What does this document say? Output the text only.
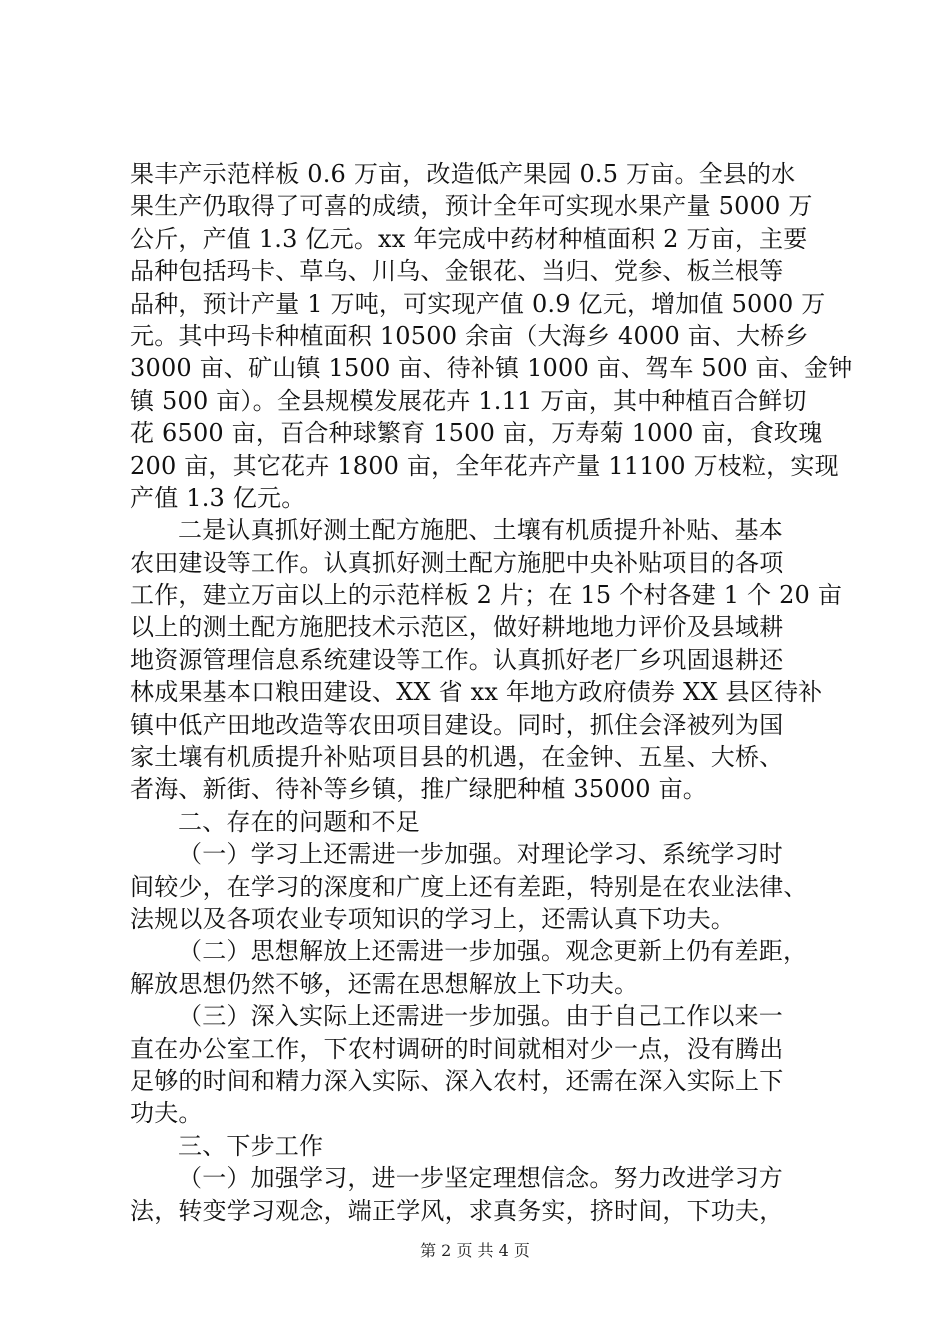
果丰产示范样板 0.6 万亩，改造低产果园 0.5 万亩。全县的水
果生产仍取得了可喜的成绩，预计全年可实现水果产量 5000 万
公斤，产值 1.3 亿元。xx 年完成中药材种植面积 2 万亩，主要
品种包括玛卡、草乌、川乌、金银花、当归、党参、板兰根等
品种，预计产量 1 万吨，可实现产值 0.9 亿元，增加值 5000 万
元。其中玛卡种植面积 10500 余亩（大海乡 4000 亩、大桥乡
3000 亩、矿山镇 1500 亩、待补镇 1000 亩、驾车 500 亩、金钟
镇 500 亩）。全县规模发展花卉 1.11 万亩，其中种植百合鲜切
花 6500 亩，百合种球繁育 1500 亩，万寿菊 1000 亩，食玫瑰
200 亩，其它花卉 1800 亩，全年花卉产量 11100 万枝粒，实现
产值 1.3 亿元。
二是认真抓好测土配方施肥、土壤有机质提升补贴、基本
农田建设等工作。认真抓好测土配方施肥中央补贴项目的各项
工作，建立万亩以上的示范样板 2 片；在 15 个村各建 1 个 20 亩
以上的测土配方施肥技术示范区，做好耕地地力评价及县域耕
地资源管理信息系统建设等工作。认真抓好老厂乡巩固退耕还
林成果基本口粮田建设、XX 省 xx 年地方政府债券 XX 县区待补
镇中低产田地改造等农田项目建设。同时，抓住会泽被列为国
家土壤有机质提升补贴项目县的机遇，在金钟、五星、大桥、
者海、新街、待补等乡镇，推广绿肥种植 35000 亩。
二、存在的问题和不足
（一）学习上还需进一步加强。对理论学习、系统学习时
间较少，在学习的深度和广度上还有差距，特别是在农业法律、
法规以及各项农业专项知识的学习上，还需认真下功夫。
（二）思想解放上还需进一步加强。观念更新上仍有差距，
解放思想仍然不够，还需在思想解放上下功夫。
（三）深入实际上还需进一步加强。由于自己工作以来一
直在办公室工作，下农村调研的时间就相对少一点，没有腾出
足够的时间和精力深入实际、深入农村，还需在深入实际上下
功夫。
三、下步工作
（一）加强学习，进一步坚定理想信念。努力改进学习方
法，转变学习观念，端正学风，求真务实，挤时间，下功夫，
第 2 页 共 4 页
